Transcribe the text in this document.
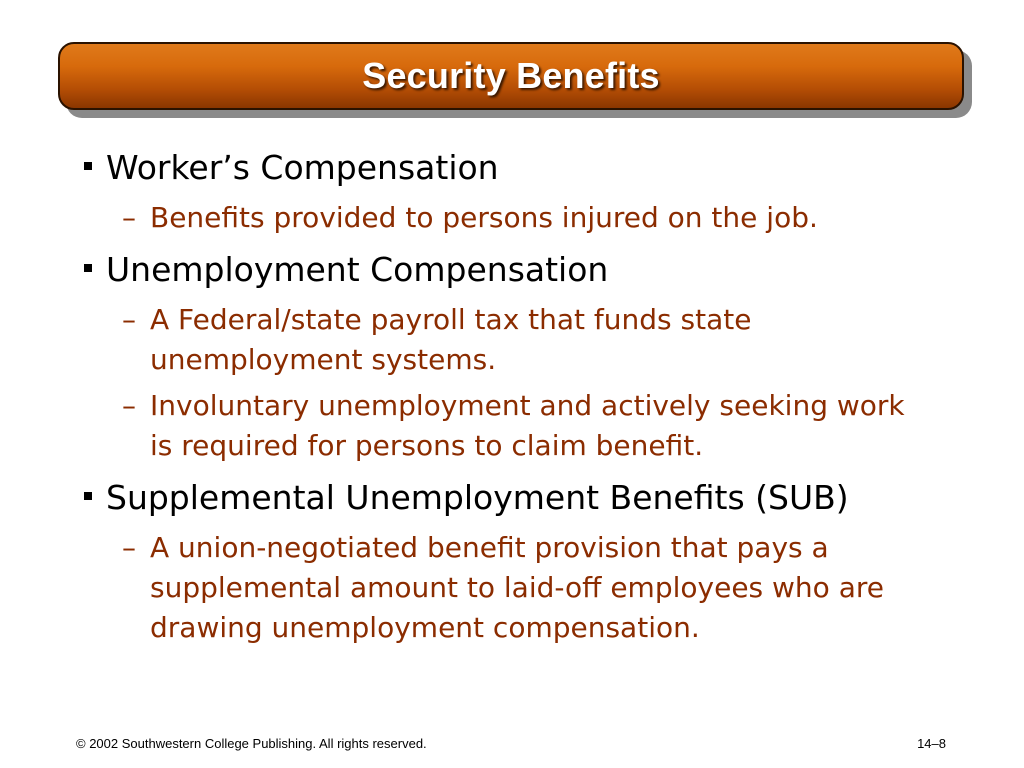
Security Benefits
Worker’s Compensation
– Benefits provided to persons injured on the job.
Unemployment Compensation
– A Federal/state payroll tax that funds state unemployment systems.
– Involuntary unemployment and actively seeking work is required for persons to claim benefit.
Supplemental Unemployment Benefits (SUB)
– A union-negotiated benefit provision that pays a supplemental amount to laid-off employees who are drawing unemployment compensation.
© 2002 Southwestern College Publishing. All rights reserved.	14–8
